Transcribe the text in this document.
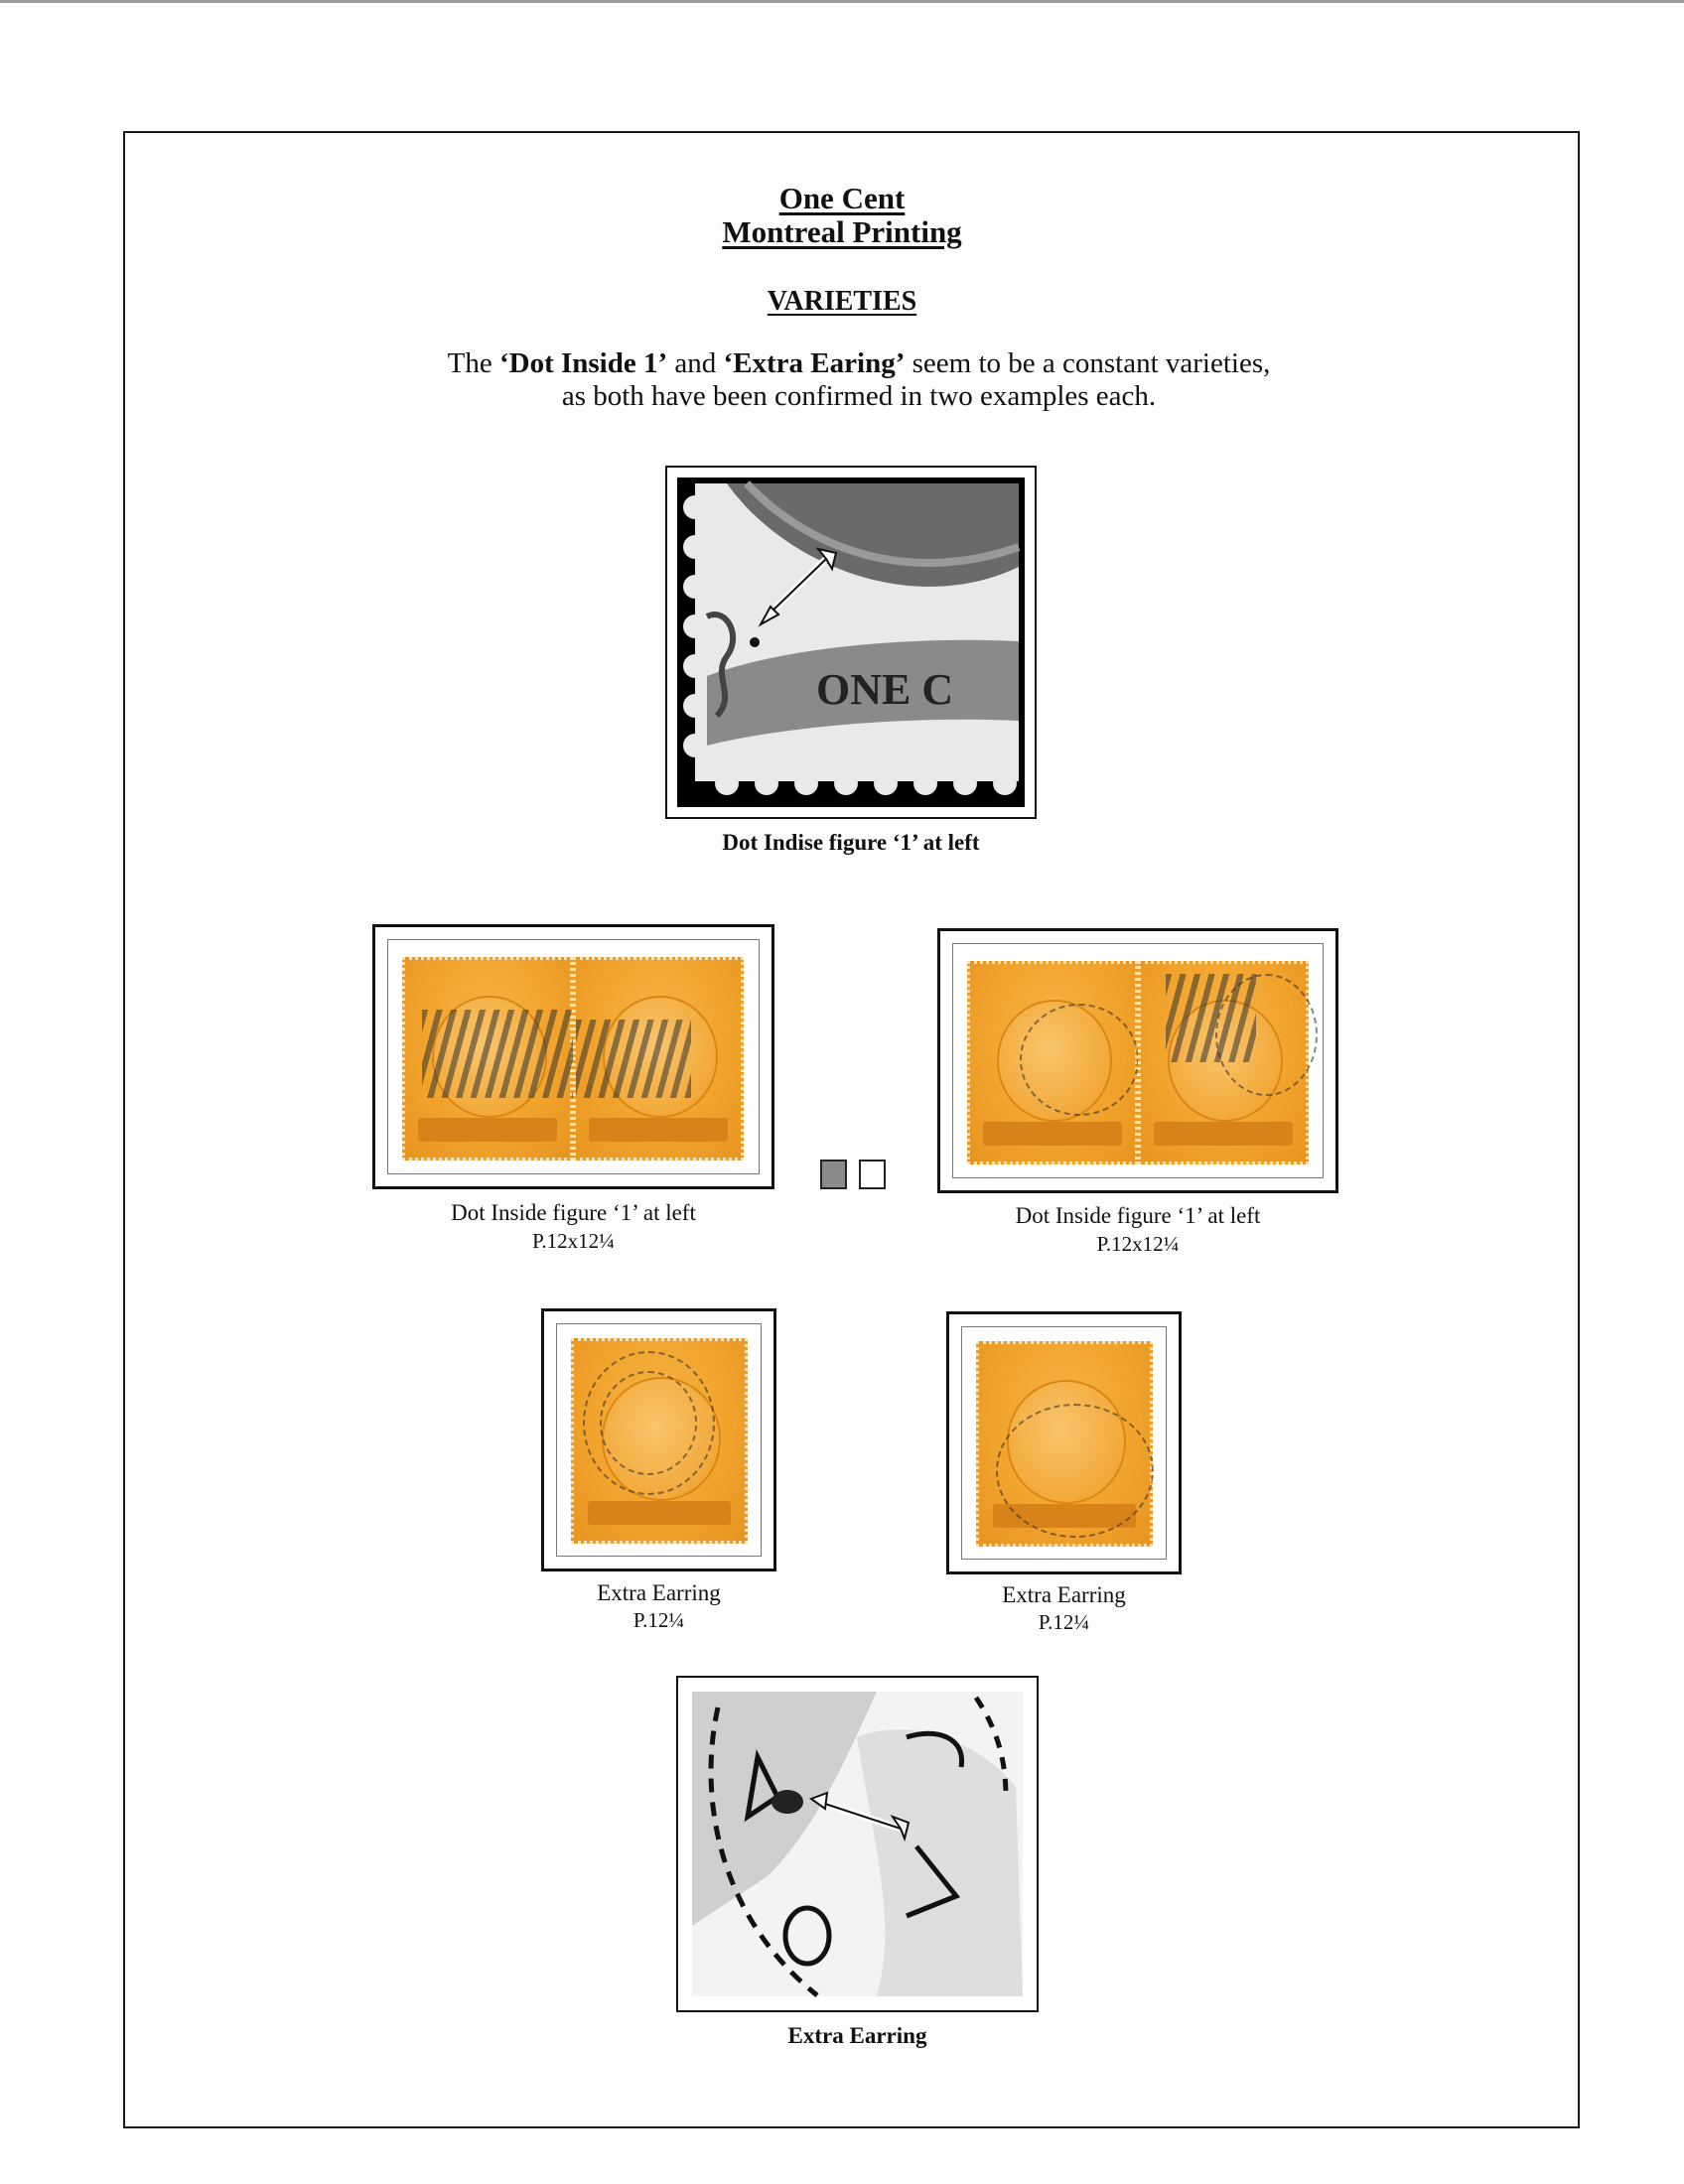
One Cent
Montreal Printing
VARIETIES
The ‘Dot Inside 1’ and ‘Extra Earing’ seem to be a constant varieties,
as both have been confirmed in two examples each.
ONE C
Dot Indise figure ‘1’ at left
Dot Inside figure ‘1’ at left
P.12x12¼
Dot Inside figure ‘1’ at left
P.12x12¼
Extra Earring
P.12¼
Extra Earring
P.12¼
Extra Earring
